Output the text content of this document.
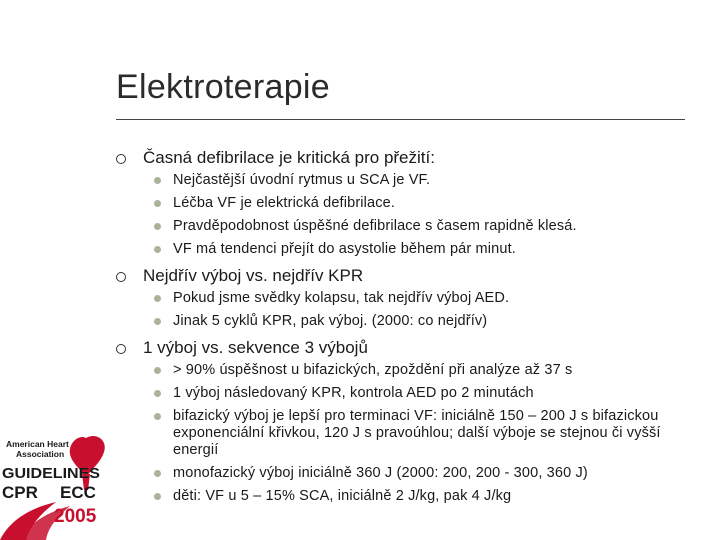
Elektroterapie
Časná defibrilace je kritická pro přežití:
Nejčastější úvodní rytmus u SCA je VF.
Léčba VF je elektrická defibrilace.
Pravděpodobnost úspěšné defibrilace s časem rapidně klesá.
VF má tendenci přejít do asystolie během pár minut.
Nejdřív výboj vs. nejdřív KPR
Pokud jsme svědky kolapsu, tak nejdřív výboj AED.
Jinak 5 cyklů KPR, pak výboj. (2000: co nejdřív)
1 výboj vs. sekvence 3 výbojů
> 90% úspěšnost u bifazických, zpoždění při analýze až 37 s
1 výboj následovaný KPR, kontrola AED po 2 minutách
bifazický výboj je lepší pro terminaci VF: iniciálně 150 – 200 J s bifazickou exponenciální křivkou, 120 J s pravoúhlou; další výboje se stejnou či vyšší energií
monofazický výboj iniciálně 360 J (2000: 200, 200 - 300, 360 J)
děti: VF u 5 – 15% SCA, iniciálně 2 J/kg, pak 4 J/kg
American Heart
Association
GUIDELINES
CPR ECC
2005
